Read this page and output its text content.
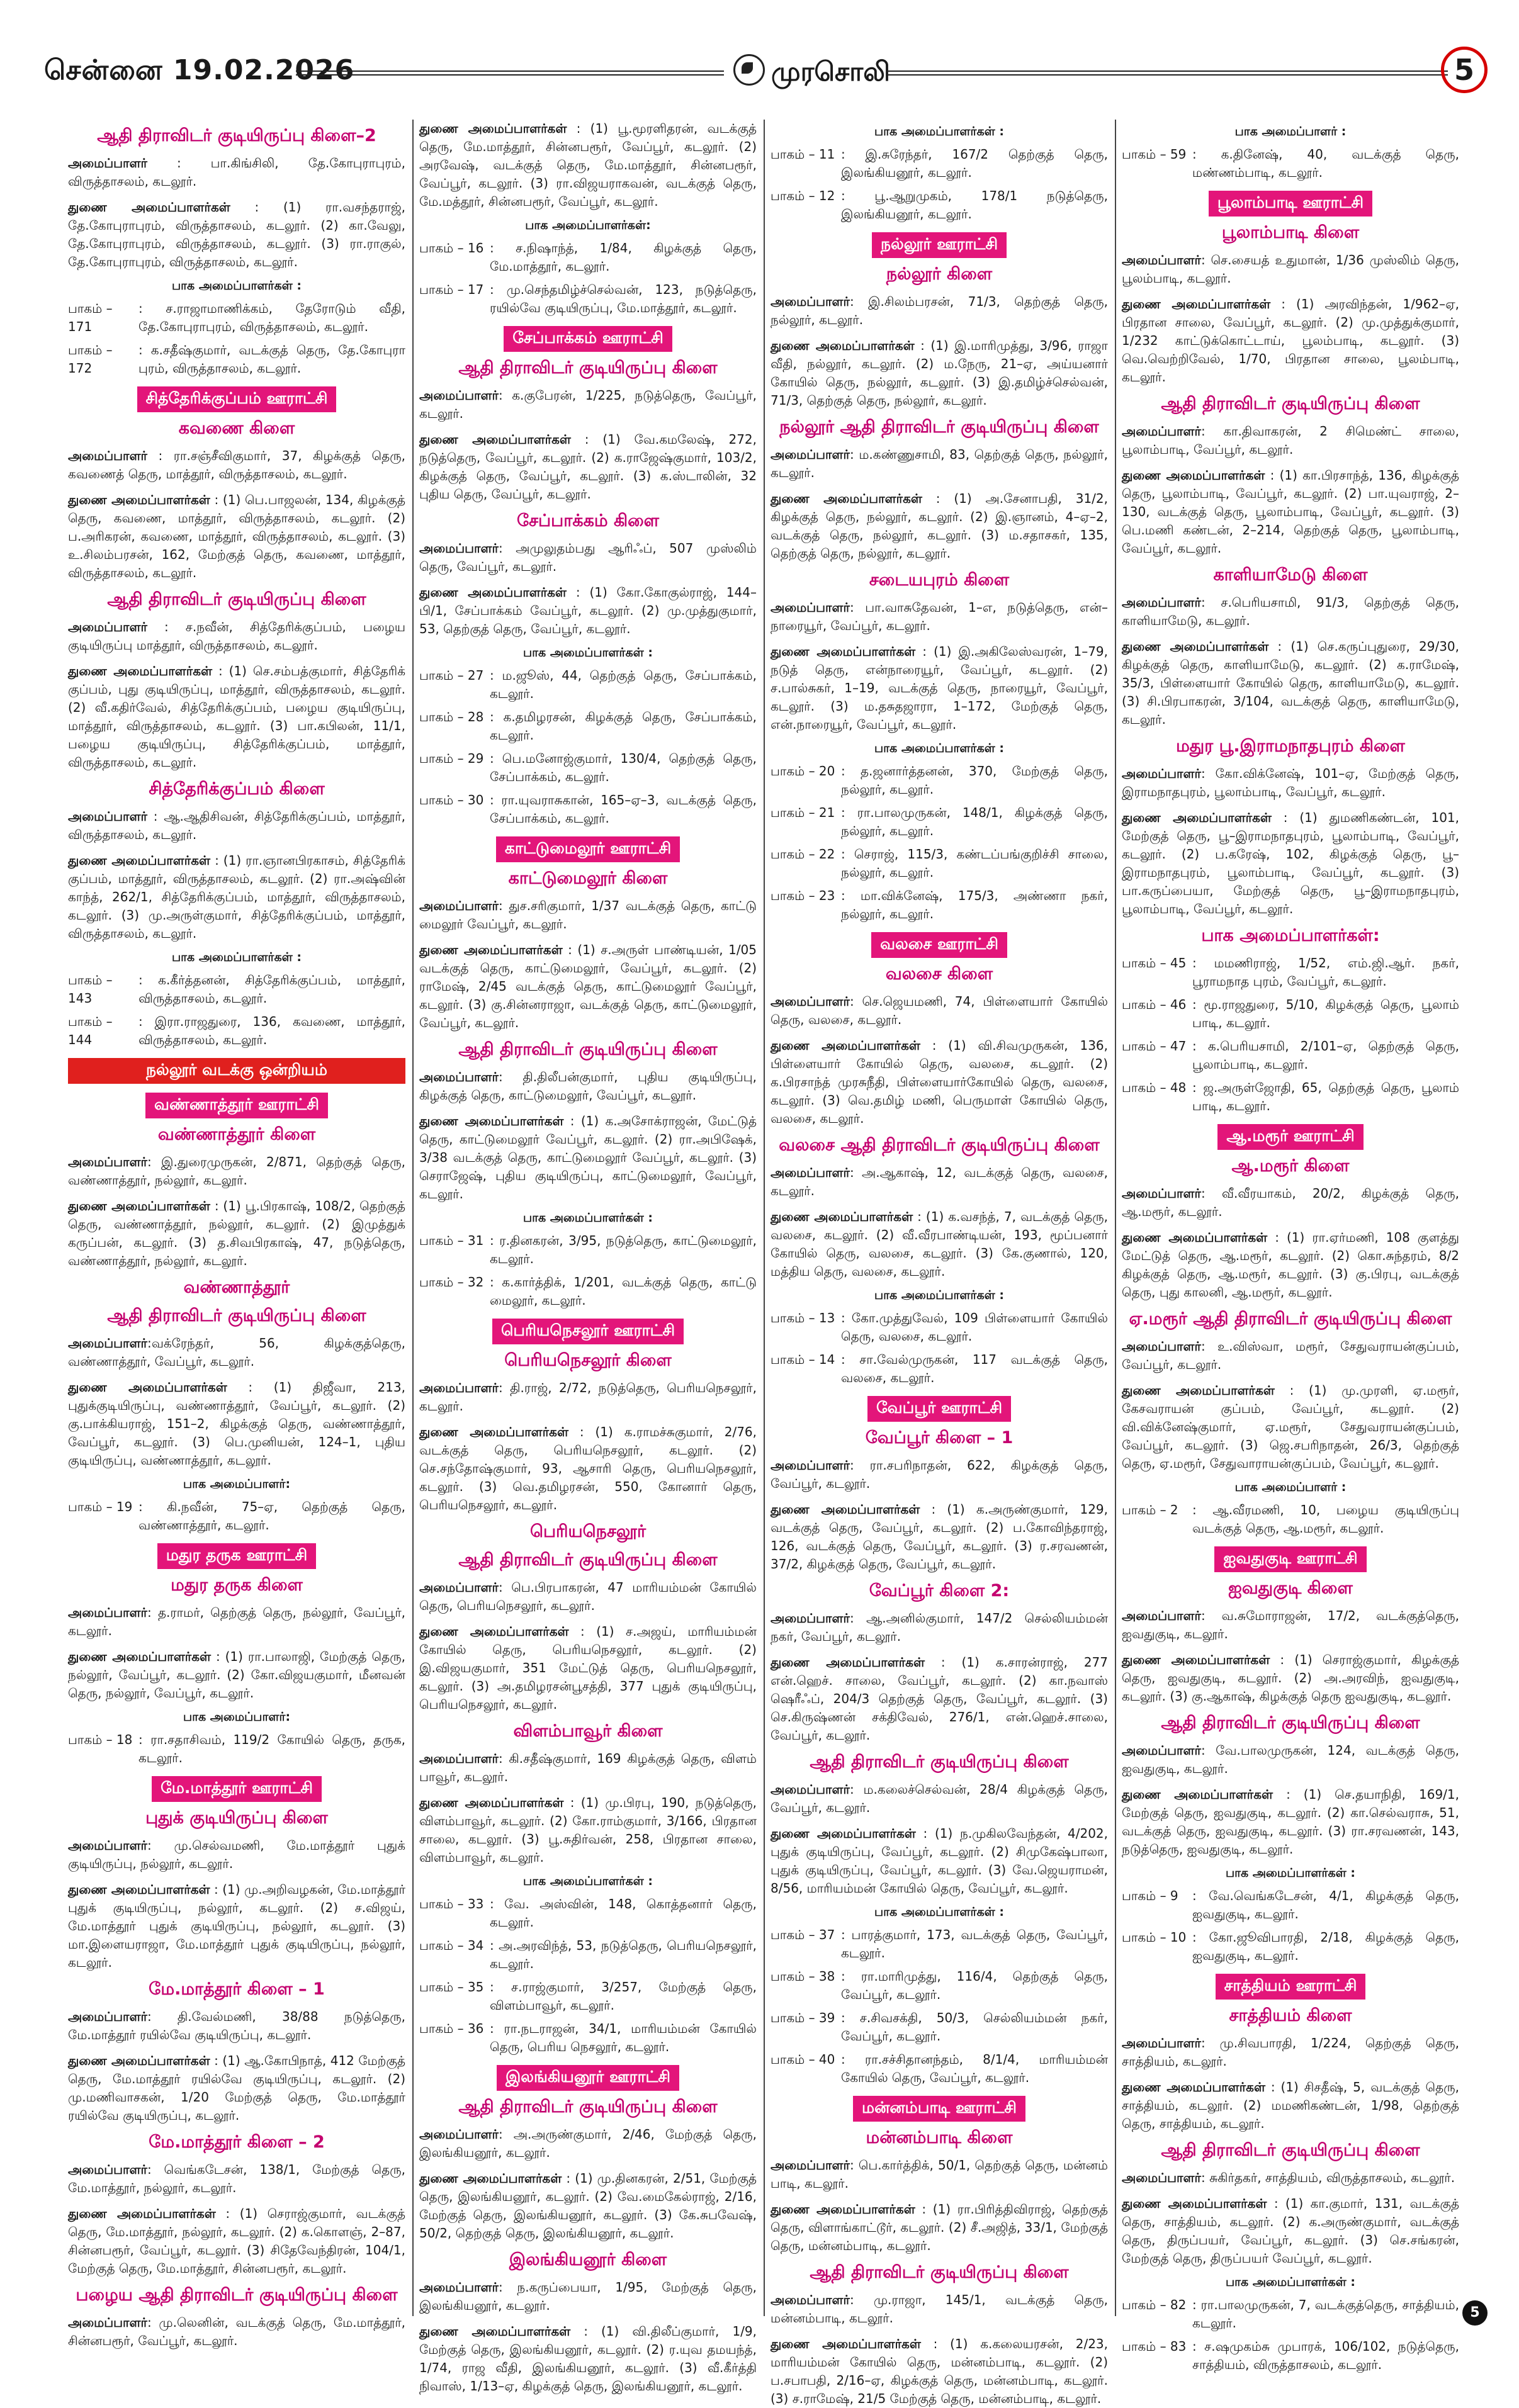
சென்னை 19.02.2026	முரசொலி	5
ஆதி திராவிடர் குடியிருப்பு கிளை–2
அமைப்பாளர் : பா.கிங்சிலி, தே.கோபுராபுரம், விருத்தாசலம், கடலூர்.
துணை அமைப்பாளர்கள் : (1) ரா.வசந்தராஜ், தே.கோபுராபுரம், விருத்தாசலம், கடலூர். (2) கா.வேலு, தே.கோபுராபுரம், விருத்தாசலம், கடலூர். (3) ரா.ராகுல், தே.கோபுராபுரம், விருத்தாசலம், கடலூர்.
பாக அமைப்பாளர்கள் :
பாகம் – 171
: ச.ராஜாமாணிக்கம், தேரோடும் வீதி, தே.கோபுராபுரம், விருத்தாசலம், கடலூர்.
பாகம் – 172
: க.சதீஷ்குமார், வடக்குத் தெரு, தே.கோபுரா புரம், விருத்தாசலம், கடலூர்.
சித்தேரிக்குப்பம் ஊராட்சி
கவணை கிளை
அமைப்பாளர் : ரா.சஞ்சீவிகுமார், 37, கிழக்குத் தெரு, கவணைத் தெரு, மாத்தூர், விருத்தாசலம், கடலூர்.
துணை அமைப்பாளர்கள் : (1) பெ.பாஜலன், 134, கிழக்குத் தெரு, கவணை, மாத்தூர், விருத்தாசலம், கடலூர். (2) ப.அரிகரன், கவணை, மாத்தூர், விருத்தாசலம், கடலூர். (3) உ.சிலம்பரசன், 162, மேற்குத் தெரு, கவணை, மாத்தூர், விருத்தாசலம், கடலூர்.
ஆதி திராவிடர் குடியிருப்பு கிளை
அமைப்பாளர் : ச.நவீன், சித்தேரிக்குப்பம், பழைய குடியிருப்பு மாத்தூர், விருத்தாசலம், கடலூர்.
துணை அமைப்பாளர்கள் : (1) செ.சம்பத்குமார், சித்தேரிக் குப்பம், புது குடியிருப்பு, மாத்தூர், விருத்தாசலம், கடலூர். (2) வீ.கதிர்வேல், சித்தேரிக்குப்பம், பழைய குடியிருப்பு, மாத்தூர், விருத்தாசலம், கடலூர். (3) பா.கபிலன், 11/1, பழைய குடியிருப்பு, சித்தேரிக்குப்பம், மாத்தூர், விருத்தாசலம், கடலூர்.
சித்தேரிக்குப்பம் கிளை
அமைப்பாளர் : ஆ.ஆதிசிவன், சித்தேரிக்குப்பம், மாத்தூர், விருத்தாசலம், கடலூர்.
துணை அமைப்பாளர்கள் : (1) ரா.ஞானபிரகாசம், சித்தேரிக் குப்பம், மாத்தூர், விருத்தாசலம், கடலூர். (2) ரா.அஷ்வின் காந்த், 262/1, சித்தேரிக்குப்பம், மாத்தூர், விருத்தாசலம், கடலூர். (3) மு.அருள்குமார், சித்தேரிக்குப்பம், மாத்தூர், விருத்தாசலம், கடலூர்.
பாக அமைப்பாளர்கள் :
பாகம் – 143
: க.கீர்த்தனன், சித்தேரிக்குப்பம், மாத்தூர், விருத்தாசலம், கடலூர்.
பாகம் – 144
: இரா.ராஜதுரை, 136, கவணை, மாத்தூர், விருத்தாசலம், கடலூர்.
நல்லூர் வடக்கு ஒன்றியம்
வண்ணாத்தூர் ஊராட்சி
வண்ணாத்தூர் கிளை
அமைப்பாளர்: இ.துரைமுருகன், 2/871, தெற்குத் தெரு, வண்ணாத்தூர், நல்லூர், கடலூர்.
துணை அமைப்பாளர்கள் : (1) பூ.பிரகாஷ், 108/2, தெற்குத் தெரு, வண்ணாத்தூர், நல்லூர், கடலூர். (2) இமுத்துக் கருப்பன், கடலூர். (3) த.சிவபிரகாஷ், 47, நடுத்தெரு, வண்ணாத்தூர், நல்லூர், கடலூர்.
வண்ணாத்தூர்
ஆதி திராவிடர் குடியிருப்பு கிளை
அமைப்பாளர்:வக்ரேந்தர், 56, கிழக்குத்தெரு, வண்ணாத்தூர், வேப்பூர், கடலூர்.
துணை அமைப்பாளர்கள் : (1) திஜீவா, 213, புதுக்குடியிருப்பு, வண்ணாத்தூர், வேப்பூர், கடலூர். (2) கு.பாக்கியராஜ், 151–2, கிழக்குத் தெரு, வண்ணாத்தூர், வேப்பூர், கடலூர். (3) பெ.முனியன், 124–1, புதிய குடியிருப்பு, வண்ணாத்தூர், கடலூர்.
பாக அமைப்பாளர்:
பாகம் – 19 : கி.நவீன், 75–ஏ, தெற்குத் தெரு, வண்ணாத்தூர், கடலூர்.
மதுர தருக ஊராட்சி
மதுர தருக கிளை
அமைப்பாளர்: த.ராமர், தெற்குத் தெரு, நல்லூர், வேப்பூர், கடலூர்.
துணை அமைப்பாளர்கள் : (1) ரா.பாலாஜி, மேற்குத் தெரு, நல்லூர், வேப்பூர், கடலூர். (2) கோ.விஜயகுமார், மீனவன் தெரு, நல்லூர், வேப்பூர், கடலூர்.
பாக அமைப்பாளர்:
பாகம் – 18 : ரா.சதாசிவம், 119/2 கோயில் தெரு, தருக, கடலூர்.
மே.மாத்தூர் ஊராட்சி
புதுக் குடியிருப்பு கிளை
அமைப்பாளர்: மு.செல்வமணி, மே.மாத்தூர் புதுக் குடியிருப்பு, நல்லூர், கடலூர்.
துணை அமைப்பாளர்கள் : (1) மு.அறிவழகன், மே.மாத்தூர் புதுக் குடியிருப்பு, நல்லூர், கடலூர். (2) ச.விஜய், மே.மாத்தூர் புதுக் குடியிருப்பு, நல்லூர், கடலூர். (3) மா.இளையராஜா, மே.மாத்தூர் புதுக் குடியிருப்பு, நல்லூர், கடலூர்.
மே.மாத்தூர் கிளை – 1
அமைப்பாளர்: தி.வேல்மணி, 38/88 நடுத்தெரு, மே.மாத்தூர் ரயில்வே குடியிருப்பு, கடலூர்.
துணை அமைப்பாளர்கள் : (1) ஆ.கோபிநாத், 412 மேற்குத் தெரு, மே.மாத்தூர் ரயில்வே குடியிருப்பு, கடலூர். (2) மு.மணிவாசகன், 1/20 மேற்குத் தெரு, மே.மாத்தூர் ரயில்வே குடியிருப்பு, கடலூர்.
மே.மாத்தூர் கிளை – 2
அமைப்பாளர்: வெங்கடேசன், 138/1, மேற்குத் தெரு, மே.மாத்தூர், நல்லூர், கடலூர்.
துணை அமைப்பாளர்கள் : (1) செராஜ்குமார், வடக்குத் தெரு, மே.மாத்தூர், நல்லூர், கடலூர். (2) க.கொளஞ், 2–87, சின்னபரூர், வேப்பூர், கடலூர். (3) சிதேவேந்திரன், 104/1, மேற்குத் தெரு, மே.மாத்தூர், சின்னபரூர், கடலூர்.
பழைய ஆதி திராவிடர் குடியிருப்பு கிளை
அமைப்பாளர்: மு.லெனின், வடக்குத் தெரு, மே.மாத்தூர், சின்னபரூர், வேப்பூர், கடலூர்.
துணை அமைப்பாளர்கள் : (1) பூ.மூரளிதரன், வடக்குத் தெரு, மே.மாத்தூர், சின்னபரூர், வேப்பூர், கடலூர். (2) அரவேஷ், வடக்குத் தெரு, மே.மாத்தூர், சின்னபரூர், வேப்பூர், கடலூர். (3) ரா.விஜயராகவன், வடக்குத் தெரு, மே.மத்தூர், சின்னபரூர், வேப்பூர், கடலூர்.
பாக அமைப்பாளர்கள்:
பாகம் – 16 : ச.நிஷாந்த், 1/84, கிழக்குத் தெரு, மே.மாத்தூர், கடலூர்.
பாகம் – 17 : மு.செந்தமிழ்ச்செல்வன், 123, நடுத்தெரு, ரயில்வே குடியிருப்பு, மே.மாத்தூர், கடலூர்.
சேப்பாக்கம் ஊராட்சி
ஆதி திராவிடர் குடியிருப்பு கிளை
அமைப்பாளர்: க.குபேரன், 1/225, நடுத்தெரு, வேப்பூர், கடலூர்.
துணை அமைப்பாளர்கள் : (1) வே.கமலேஷ், 272, நடுத்தெரு, வேப்பூர், கடலூர். (2) க.ராஜேஷ்குமார், 103/2, கிழக்குத் தெரு, வேப்பூர், கடலூர். (3) க.ஸ்டாலின், 32 புதிய தெரு, வேப்பூர், கடலூர்.
சேப்பாக்கம் கிளை
அமைப்பாளர்: அமுலுதம்பது ஆரிஃப், 507 முஸ்லிம் தெரு, வேப்பூர், கடலூர்.
துணை அமைப்பாளர்கள் : (1) கோ.கோகுல்ராஜ், 144–பி/1, சேப்பாக்கம் வேப்பூர், கடலூர். (2) மு.முத்துகுமார், 53, தெற்குத் தெரு, வேப்பூர், கடலூர்.
பாக அமைப்பாளர்கள் :
பாகம் – 27 : ம.ஜூஸ், 44, தெற்குத் தெரு, சேப்பாக்கம், கடலூர்.
பாகம் – 28 : க.தமிழரசன், கிழக்குத் தெரு, சேப்பாக்கம், கடலூர்.
பாகம் – 29 : பெ.மனோஜ்குமார், 130/4, தெற்குத் தெரு, சேப்பாக்கம், கடலூர்.
பாகம் – 30 : ரா.யுவராசுகான், 165–ஏ–3, வடக்குத் தெரு, சேப்பாக்கம், கடலூர்.
காட்டுமைலூர் ஊராட்சி
காட்டுமைலூர் கிளை
அமைப்பாளர்: துச.சரிகுமார், 1/37 வடக்குத் தெரு, காட்டு மைலூர் வேப்பூர், கடலூர்.
துணை அமைப்பாளர்கள் : (1) ச.அருள் பாண்டியன், 1/05 வடக்குத் தெரு, காட்டுமைலூர், வேப்பூர், கடலூர். (2) ராமேஷ், 2/45 வடக்குத் தெரு, காட்டுமைலூர் வேப்பூர், கடலூர். (3) கு.சின்னராஜா, வடக்குத் தெரு, காட்டுமைலூர், வேப்பூர், கடலூர்.
ஆதி திராவிடர் குடியிருப்பு கிளை
அமைப்பாளர்: தி.திலீபன்குமார், புதிய குடியிருப்பு, கிழக்குத் தெரு, காட்டுமைலூர், வேப்பூர், கடலூர்.
துணை அமைப்பாளர்கள் : (1) க.அசோக்ராஜன், மேட்டுத் தெரு, காட்டுமைலூர் வேப்பூர், கடலூர். (2) ரா.அபிஷேக், 3/38 வடக்குத் தெரு, காட்டுமைலூர் வேப்பூர், கடலூர். (3) செராஜேஷ், புதிய குடியிருப்பு, காட்டுமைலூர், வேப்பூர், கடலூர்.
பாக அமைப்பாளர்கள் :
பாகம் – 31 : ர.தினகரன், 3/95, நடுத்தெரு, காட்டுமைலூர், கடலூர்.
பாகம் – 32 : க.கார்த்திக், 1/201, வடக்குத் தெரு, காட்டு மைலூர், கடலூர்.
பெரியநெசலூர் ஊராட்சி
பெரியநெசலூர் கிளை
அமைப்பாளர்: தி.ராஜ், 2/72, நடுத்தெரு, பெரியநெசலூர், கடலூர்.
துணை அமைப்பாளர்கள் : (1) க.ராமச்சுகுமார், 2/76, வடக்குத் தெரு, பெரியநெசலூர், கடலூர். (2) செ.சந்தோஷ்குமார், 93, ஆசாரி தெரு, பெரியநெசலூர், கடலூர். (3) வெ.தமிழரசன், 550, கோனார் தெரு, பெரியநெசலூர், கடலூர்.
பெரியநெசலூர்
ஆதி திராவிடர் குடியிருப்பு கிளை
அமைப்பாளர்: பெ.பிரபாகரன், 47 மாரியம்மன் கோயில் தெரு, பெரியநெசலூர், கடலூர்.
துணை அமைப்பாளர்கள் : (1) ச.அஜய், மாரியம்மன் கோயில் தெரு, பெரியநெசலூர், கடலூர். (2) இ.விஜயகுமார், 351 மேட்டுத் தெரு, பெரியநெசலூர், கடலூர். (3) அ.தமிழரசன்பூசத்தி, 377 புதுக் குடியிருப்பு, பெரியநெசலூர், கடலூர்.
விளம்பாவூர் கிளை
அமைப்பாளர்: கி.சதீஷ்குமார், 169 கிழக்குத் தெரு, விளம் பாவூர், கடலூர்.
துணை அமைப்பாளர்கள் : (1) மு.பிரபு, 190, நடுத்தெரு, விளம்பாவூர், கடலூர். (2) கோ.ராம்குமார், 3/166, பிரதான சாலை, கடலூர். (3) பூ.சுதிர்வன், 258, பிரதான சாலை, விளம்பாவூர், கடலூர்.
பாக அமைப்பாளர்கள் :
பாகம் – 33 : வே. அஸ்வின், 148, கொத்தனார் தெரு, கடலூர்.
பாகம் – 34 : அ.அரவிந்த், 53, நடுத்தெரு, பெரியநெசலூர், கடலூர்.
பாகம் – 35 : ச.ராஜ்குமார், 3/257, மேற்குத் தெரு, விளம்பாவூர், கடலூர்.
பாகம் – 36 : ரா.நடராஜன், 34/1, மாரியம்மன் கோயில் தெரு, பெரிய நெசலூர், கடலூர்.
இலங்கியனூர் ஊராட்சி
ஆதி திராவிடர் குடியிருப்பு கிளை
அமைப்பாளர்: அ.அருண்குமார், 2/46, மேற்குத் தெரு, இலங்கியனூர், கடலூர்.
துணை அமைப்பாளர்கள் : (1) மு.தினகரன், 2/51, மேற்குத் தெரு, இலங்கியனூர், கடலூர். (2) வே.மைகேல்ராஜ், 2/16, மேற்குத் தெரு, இலங்கியனூர், கடலூர். (3) கே.சுபவேஷ், 50/2, தெற்குத் தெரு, இலங்கியனூர், கடலூர்.
இலங்கியனூர் கிளை
அமைப்பாளர்: ந.கருப்பையா, 1/95, மேற்குத் தெரு, இலங்கியனூர், கடலூர்.
துணை அமைப்பாளர்கள் : (1) வி.திலீப்குமார், 1/9, மேற்குத் தெரு, இலங்கியனூர், கடலூர். (2) ர.யுவ தமயந்த், 1/74, ராஜ வீதி, இலங்கியனூர், கடலூர். (3) வீ.கீர்த்தி நிவாஸ், 1/13–ஏ, கிழக்குத் தெரு, இலங்கியனூர், கடலூர்.
பாக அமைப்பாளர்கள் :
பாகம் – 11 : இ.சுரேந்தர், 167/2 தெற்குத் தெரு, இலங்கியனூர், கடலூர்.
பாகம் – 12 : பூ.ஆறுமுகம், 178/1 நடுத்தெரு, இலங்கியனூர், கடலூர்.
நல்லூர் ஊராட்சி
நல்லூர் கிளை
அமைப்பாளர்: இ.சிலம்பரசன், 71/3, தெற்குத் தெரு, நல்லூர், கடலூர்.
துணை அமைப்பாளர்கள் : (1) இ.மாரிமுத்து, 3/96, ராஜா வீதி, நல்லூர், கடலூர். (2) ம.நேரு, 21–ஏ, அய்யனார் கோயில் தெரு, நல்லூர், கடலூர். (3) இ.தமிழ்ச்செல்வன், 71/3, தெற்குத் தெரு, நல்லூர், கடலூர்.
நல்லூர் ஆதி திராவிடர் குடியிருப்பு கிளை
அமைப்பாளர்: ம.கண்ணுசாமி, 83, தெற்குத் தெரு, நல்லூர், கடலூர்.
துணை அமைப்பாளர்கள் : (1) அ.சேனாபதி, 31/2, கிழக்குத் தெரு, நல்லூர், கடலூர். (2) இ.ஞானம், 4–ஏ–2, வடக்குத் தெரு, நல்லூர், கடலூர். (3) ம.சதாசகர், 135, தெற்குத் தெரு, நல்லூர், கடலூர்.
சடையபுரம் கிளை
அமைப்பாளர்: பா.வாசுதேவன், 1–எ, நடுத்தெரு, என்– நாரையூர், வேப்பூர், கடலூர்.
துணை அமைப்பாளர்கள் : (1) இ.அகிலேஸ்வரன், 1–79, நடுத் தெரு, என்நாரையூர், வேப்பூர், கடலூர். (2) ச.பால்சுகர், 1–19, வடக்குத் தெரு, நாரையூர், வேப்பூர், கடலூர். (3) ம.தசுதஜாரா, 1–172, மேற்குத் தெரு, என்.நாரையூர், வேப்பூர், கடலூர்.
பாக அமைப்பாளர்கள் :
பாகம் – 20 : த.ஜனார்த்தனன், 370, மேற்குத் தெரு, நல்லூர், கடலூர்.
பாகம் – 21 : ரா.பாலமுருகன், 148/1, கிழக்குத் தெரு, நல்லூர், கடலூர்.
பாகம் – 22 : செராஜ், 115/3, கண்டப்பங்குறிச்சி சாலை, நல்லூர், கடலூர்.
பாகம் – 23 : மா.விக்னேஷ், 175/3, அண்ணா நகர், நல்லூர், கடலூர்.
வலசை ஊராட்சி
வலசை கிளை
அமைப்பாளர்: செ.ஜெயமணி, 74, பிள்ளையார் கோயில் தெரு, வலசை, கடலூர்.
துணை அமைப்பாளர்கள் : (1) வி.சிவமுருகன், 136, பிள்ளையார் கோயில் தெரு, வலசை, கடலூர். (2) க.பிரசாந்த் முரசுநீதி, பிள்ளையார்கோயில் தெரு, வலசை, கடலூர். (3) வெ.தமிழ் மணி, பெருமாள் கோயில் தெரு, வலசை, கடலூர்.
வலசை ஆதி திராவிடர் குடியிருப்பு கிளை
அமைப்பாளர்: அ.ஆகாஷ், 12, வடக்குத் தெரு, வலசை, கடலூர்.
துணை அமைப்பாளர்கள் : (1) க.வசந்த், 7, வடக்குத் தெரு, வலசை, கடலூர். (2) வீ.வீரபாண்டியன், 193, மூப்பனார் கோயில் தெரு, வலசை, கடலூர். (3) கே.குணால், 120, மத்திய தெரு, வலசை, கடலூர்.
பாக அமைப்பாளர்கள் :
பாகம் – 13 : கோ.முத்துவேல், 109 பிள்ளையார் கோயில் தெரு, வலசை, கடலூர்.
பாகம் – 14 : சா.வேல்முருகன், 117 வடக்குத் தெரு, வலசை, கடலூர்.
வேப்பூர் ஊராட்சி
வேப்பூர் கிளை – 1
அமைப்பாளர்: ரா.சபரிநாதன், 622, கிழக்குத் தெரு, வேப்பூர், கடலூர்.
துணை அமைப்பாளர்கள் : (1) க.அருண்குமார், 129, வடக்குத் தெரு, வேப்பூர், கடலூர். (2) ப.கோவிந்தராஜ், 126, வடக்குத் தெரு, வேப்பூர், கடலூர். (3) ர.சரவணன், 37/2, கிழக்குத் தெரு, வேப்பூர், கடலூர்.
வேப்பூர் கிளை 2:
அமைப்பாளர்: ஆ.அனில்குமார், 147/2 செல்லியம்மன் நகர், வேப்பூர், கடலூர்.
துணை அமைப்பாளர்கள் : (1) க.சாரன்ராஜ், 277 என்.ஹெச். சாலை, வேப்பூர், கடலூர். (2) கா.நவாஸ் ஷெரீஃப், 204/3 தெற்குத் தெரு, வேப்பூர், கடலூர். (3) செ.கிருஷ்ணன் சக்திவேல், 276/1, என்.ஹெச்.சாலை, வேப்பூர், கடலூர்.
ஆதி திராவிடர் குடியிருப்பு கிளை
அமைப்பாளர்: ம.கலைச்செல்வன், 28/4 கிழக்குத் தெரு, வேப்பூர், கடலூர்.
துணை அமைப்பாளர்கள் : (1) ந.முகிலவேந்தன், 4/202, புதுக் குடியிருப்பு, வேப்பூர், கடலூர். (2) சிமுகேஷ்பாலா, புதுக் குடியிருப்பு, வேப்பூர், கடலூர். (3) வே.ஜெயராமன், 8/56, மாரியம்மன் கோயில் தெரு, வேப்பூர், கடலூர்.
பாக அமைப்பாளர்கள் :
பாகம் – 37 : பாரத்குமார், 173, வடக்குத் தெரு, வேப்பூர், கடலூர்.
பாகம் – 38 : ரா.மாரிமுத்து, 116/4, தெற்குத் தெரு, வேப்பூர், கடலூர்.
பாகம் – 39 : ச.சிவசக்தி, 50/3, செல்லியம்மன் நகர், வேப்பூர், கடலூர்.
பாகம் – 40 : ரா.சச்சிதானந்தம், 8/1/4, மாரியம்மன் கோயில் தெரு, வேப்பூர், கடலூர்.
மன்னம்பாடி ஊராட்சி
மன்னம்பாடி கிளை
அமைப்பாளர்: பெ.கார்த்திக், 50/1, தெற்குத் தெரு, மன்னம் பாடி, கடலூர்.
துணை அமைப்பாளர்கள் : (1) ரா.பிரித்திவிராஜ், தெற்குத் தெரு, விளாங்காட்டூர், கடலூர். (2) சீ.அஜித், 33/1, மேற்குத் தெரு, மன்னம்பாடி, கடலூர்.
ஆதி திராவிடர் குடியிருப்பு கிளை
அமைப்பாளர்: மு.ராஜா, 145/1, வடக்குத் தெரு, மன்னம்பாடி, கடலூர்.
துணை அமைப்பாளர்கள் : (1) க.கலையரசன், 2/23, மாரியம்மன் கோயில் தெரு, மன்னம்பாடி, கடலூர். (2) ப.சபாபதி, 2/16–ஏ, கிழக்குத் தெரு, மன்னம்பாடி, கடலூர். (3) ச.ராமேஷ், 21/5 மேற்குத் தெரு, மன்னம்பாடி, கடலூர்.
பாக அமைப்பாளர் :
பாகம் – 59 : க.தினேஷ், 40, வடக்குத் தெரு, மண்ணம்பாடி, கடலூர்.
பூலாம்பாடி ஊராட்சி
பூலாம்பாடி கிளை
அமைப்பாளர்: செ.சையத் உதுமான், 1/36 முஸ்லிம் தெரு, பூலம்பாடி, கடலூர்.
துணை அமைப்பாளர்கள் : (1) அரவிந்தன், 1/962–ஏ, பிரதான சாலை, வேப்பூர், கடலூர். (2) மு.முத்துக்குமார், 1/232 காட்டுக்கொட்டாய், பூலம்பாடி, கடலூர். (3) வெ.வெற்றிவேல், 1/70, பிரதான சாலை, பூலம்பாடி, கடலூர்.
ஆதி திராவிடர் குடியிருப்பு கிளை
அமைப்பாளர்: கா.திவாகரன், 2 சிமெண்ட் சாலை, பூலாம்பாடி, வேப்பூர், கடலூர்.
துணை அமைப்பாளர்கள் : (1) கா.பிரசாந்த், 136, கிழக்குத் தெரு, பூலாம்பாடி, வேப்பூர், கடலூர். (2) பா.யுவராஜ், 2–130, வடக்குத் தெரு, பூலாம்பாடி, வேப்பூர், கடலூர். (3) பெ.மணி கண்டன், 2–214, தெற்குத் தெரு, பூலாம்பாடி, வேப்பூர், கடலூர்.
காளியாமேடு கிளை
அமைப்பாளர்: ச.பெரியசாமி, 91/3, தெற்குத் தெரு, காளியாமேடு, கடலூர்.
துணை அமைப்பாளர்கள் : (1) செ.கருப்புதுரை, 29/30, கிழக்குத் தெரு, காளியாமேடு, கடலூர். (2) க.ராமேஷ், 35/3, பிள்ளையார் கோயில் தெரு, காளியாமேடு, கடலூர். (3) சி.பிரபாகரன், 3/104, வடக்குத் தெரு, காளியாமேடு, கடலூர்.
மதுர பூ.இராமநாதபுரம் கிளை
அமைப்பாளர்: கோ.விக்னேஷ், 101–ஏ, மேற்குத் தெரு, இராமநாதபுரம், பூலாம்பாடி, வேப்பூர், கடலூர்.
துணை அமைப்பாளர்கள் : (1) துமணிகண்டன், 101, மேற்குத் தெரு, பூ–இராமநாதபுரம், பூலாம்பாடி, வேப்பூர், கடலூர். (2) ப.கரேஷ், 102, கிழக்குத் தெரு, பூ–இராமநாதபுரம், பூலாம்பாடி, வேப்பூர், கடலூர். (3) பா.கருப்பையா, மேற்குத் தெரு, பூ–இராமநாதபுரம், பூலாம்பாடி, வேப்பூர், கடலூர்.
பாக அமைப்பாளர்கள்:
பாகம் – 45 : மமணிராஜ், 1/52, எம்.ஜி.ஆர். நகர், பூராமநாத புரம், வேப்பூர், கடலூர்.
பாகம் – 46 : மூ.ராஜதுரை, 5/10, கிழக்குத் தெரு, பூலாம் பாடி, கடலூர்.
பாகம் – 47 : க.பெரியசாமி, 2/101–ஏ, தெற்குத் தெரு, பூலாம்பாடி, கடலூர்.
பாகம் – 48 : ஜ.அருள்ஜோதி, 65, தெற்குத் தெரு, பூலாம் பாடி, கடலூர்.
ஆ.மரூர் ஊராட்சி
ஆ.மரூர் கிளை
அமைப்பாளர்: வீ.வீரயாகம், 20/2, கிழக்குத் தெரு, ஆ.மரூர், கடலூர்.
துணை அமைப்பாளர்கள் : (1) ரா.ஏர்மணி, 108 குளத்து மேட்டுத் தெரு, ஆ.மரூர், கடலூர். (2) கொ.சுந்தரம், 8/2 கிழக்குத் தெரு, ஆ.மரூர், கடலூர். (3) கு.பிரபு, வடக்குத் தெரு, புது காலனி, ஆ.மரூர், கடலூர்.
ஏ.மரூர் ஆதி திராவிடர் குடியிருப்பு கிளை
அமைப்பாளர்: உ.விஸ்வா, மரூர், சேதுவராயன்குப்பம், வேப்பூர், கடலூர்.
துணை அமைப்பாளர்கள் : (1) மு.முரளி, ஏ.மரூர், கேசவராயன் குப்பம், வேப்பூர், கடலூர். (2) வி.விக்னேஷ்குமார், ஏ.மரூர், சேதுவராயன்குப்பம், வேப்பூர், கடலூர். (3) ஜெ.சபரிநாதன், 26/3, தெற்குத் தெரு, ஏ.மரூர், சேதுவாராயன்குப்பம், வேப்பூர், கடலூர்.
பாக அமைப்பாளர் :
பாகம் – 2	: ஆ.வீரமணி, 10, பழைய குடியிருப்பு வடக்குத் தெரு, ஆ.மரூர், கடலூர்.
ஐவதுகுடி ஊராட்சி
ஐவதுகுடி கிளை
அமைப்பாளர்: வ.சுமோராஜன், 17/2, வடக்குத்தெரு, ஐவதுகுடி, கடலூர்.
துணை அமைப்பாளர்கள் : (1) செராஜ்குமார், கிழக்குத் தெரு, ஐவதுகுடி, கடலூர். (2) அ.அரவிந், ஐவதுகுடி, கடலூர். (3) கு.ஆகாஷ், கிழக்குத் தெரு ஐவதுகுடி, கடலூர்.
ஆதி திராவிடர் குடியிருப்பு கிளை
அமைப்பாளர்: வே.பாலமுருகன், 124, வடக்குத் தெரு, ஐவதுகுடி, கடலூர்.
துணை அமைப்பாளர்கள் : (1) செ.தயாநிதி, 169/1, மேற்குத் தெரு, ஐவதுகுடி, கடலூர். (2) கா.செல்வராசு, 51, வடக்குத் தெரு, ஐவதுகுடி, கடலூர். (3) ரா.சரவணன், 143, நடுத்தெரு, ஐவதுகுடி, கடலூர்.
பாக அமைப்பாளர்கள் :
பாகம் – 9	: வே.வெங்கடேசன், 4/1, கிழக்குத் தெரு, ஐவதுகுடி, கடலூர்.
பாகம் – 10 : கோ.ஜூவிபாரதி, 2/18, கிழக்குத் தெரு, ஐவதுகுடி, கடலூர்.
சாத்தியம் ஊராட்சி
சாத்தியம் கிளை
அமைப்பாளர்: மு.சிவபாரதி, 1/224, தெற்குத் தெரு, சாத்தியம், கடலூர்.
துணை அமைப்பாளர்கள் : (1) சிசதீஷ், 5, வடக்குத் தெரு, சாத்தியம், கடலூர். (2) மமணிகண்டன், 1/98, தெற்குத் தெரு, சாத்தியம், கடலூர்.
ஆதி திராவிடர் குடியிருப்பு கிளை
அமைப்பாளர்: சுகிர்தகர், சாத்தியம், விருத்தாசலம், கடலூர்.
துணை அமைப்பாளர்கள் : (1) கா.குமார், 131, வடக்குத் தெரு, சாத்தியம், கடலூர். (2) க.அருண்குமார், வடக்குத் தெரு, திருப்பயர், வேப்பூர், கடலூர். (3) செ.சங்கரன், மேற்குத் தெரு, திருப்பயர் வேப்பூர், கடலூர்.
பாக அமைப்பாளர்கள் :
பாகம் – 82 : ரா.பாலமுருகன், 7, வடக்குத்தெரு, சாத்தியம், கடலூர்.
பாகம் – 83 : ச.ஷமுகம்சு முபாரக், 106/102, நடுத்தெரு, சாத்தியம், விருத்தாசலம், கடலூர்.
5
